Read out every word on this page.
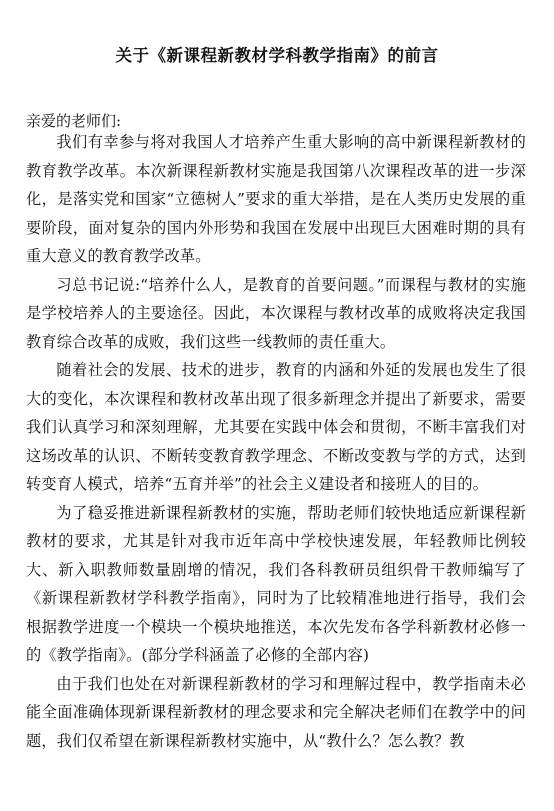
关于《新课程新教材学科教学指南》的前言
亲爱的老师们:

我们有幸参与将对我国人才培养产生重大影响的高中新课程新教材的教育教学改革。本次新课程新教材实施是我国第八次课程改革的进一步深化，是落实党和国家“立德树人”要求的重大举措，是在人类历史发展的重要阶段，面对复杂的国内外形势和我国在发展中出现巨大困难时期的具有重大意义的教育教学改革。

习总书记说:“培养什么人，是教育的首要问题。”而课程与教材的实施是学校培养人的主要途径。因此，本次课程与教材改革的成败将决定我国教育综合改革的成败，我们这些一线教师的责任重大。

随着社会的发展、技术的进步，教育的内涵和外延的发展也发生了很大的变化，本次课程和教材改革出现了很多新理念并提出了新要求，需要我们认真学习和深刻理解，尤其要在实践中体会和贯彻，不断丰富我们对这场改革的认识、不断转变教育教学理念、不断改变教与学的方式，达到转变育人模式，培养“五育并举”的社会主义建设者和接班人的目的。

为了稳妥推进新课程新教材的实施，帮助老师们较快地适应新课程新教材的要求，尤其是针对我市近年高中学校快速发展，年轻教师比例较大、新入职教师数量剧增的情况，我们各科教研员组织骨干教师编写了《新课程新教材学科教学指南》，同时为了比较精准地进行指导，我们会根据教学进度一个模块一个模块地推送，本次先发布各学科新教材必修一的《教学指南》。(部分学科涵盖了必修的全部内容)

由于我们也处在对新课程新教材的学习和理解过程中，教学指南未必能全面准确体现新课程新教材的理念要求和完全解决老师们在教学中的问题，我们仅希望在新课程新教材实施中，从“教什么？怎么教？教
